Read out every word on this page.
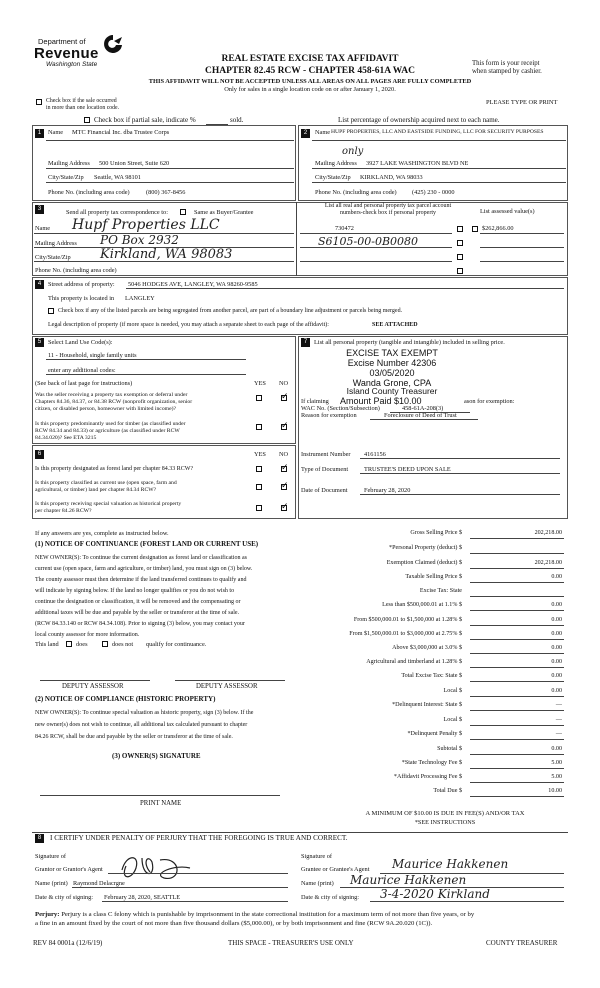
Department of
Revenue
Washington State
REAL ESTATE EXCISE TAX AFFIDAVIT
CHAPTER 82.45 RCW - CHAPTER 458-61A WAC
THIS AFFIDAVIT WILL NOT BE ACCEPTED UNLESS ALL AREAS ON ALL PAGES ARE FULLY COMPLETED
Only for sales in a single location code on or after January 1, 2020.
This form is your receipt
when stamped by cashier.
PLEASE TYPE OR PRINT
Check box if the sale occurred
in more than one location code.
Check box if partial sale, indicate %	sold.	List percentage of ownership acquired next to each name.
1	Name MTC Financial Inc. dba Trustee Corps
Mailing Address 500 Union Street, Suite 620
City/State/Zip Seattle, WA 98101
Phone No. (including area code)	(800) 367-8456
2	Name HUPF PROPERTIES, LLC AND EASTSIDE FUNDING, LLC FOR SECURITY PURPOSES
only
Mailing Address 3927 LAKE WASHINGTON BLVD NE
City/State/Zip KIRKLAND, WA 98033
Phone No. (including area code) (425) 230 - 0000
3	Send all property tax correspondence to:	Same as Buyer/Grantee
List all real and personal property tax parcel account
numbers-check box if personal property	List assessed value(s)
Name Hupf Properties LLC
Mailing Address PO Box 2932
City/State/Zip Kirkland, WA 98083
Phone No. (including area code)
730472	$262,866.00
S6105-00-0B0080
4	Street address of property: 5046 HODGES AVE, LANGLEY, WA 98260-9585
This property is located in LANGLEY
Check box if any of the listed parcels are being segregated from another parcel, are part of a boundary line adjustment or parcels being merged.
Legal description of property (if more space is needed, you may attach a separate sheet to each page of the affidavit):	SEE ATTACHED
5	Select Land Use Code(s):
11 - Household, single family units
enter any additional codes:
(See back of last page for instructions)	YES NO
Was the seller receiving a property tax exemption or deferral under
Chapters 84.36, 84.37, or 84.38 RCW (nonprofit organization, senior
citizen, or disabled person, homeowner with limited income)?
✓
Is this property predominantly used for timber (as classified under
RCW 84.34 and 84.33) or agriculture (as classified under RCW
84.34.020)? See ETA 3215
✓
6	YES NO
Is this property designated as forest land per chapter 84.33 RCW?
✓
Is this property classified as current use (open space, farm and
agricultural, or timber) land per chapter 84.34 RCW?
✓
Is this property receiving special valuation as historical property
per chapter 84.26 RCW?
✓
7	List all personal property (tangible and intangible) included in selling price.
EXCISE TAX EXEMPT
Excise Number 42306
03/05/2020
Wanda Grone, CPA
Island County Treasurer
Amount Paid $10.00
If claiming	ason for exemption:
WAC No. (Section/Subsection)	458-61A-208(3)
Reason for exemption	Foreclosure of Deed of Trust
Instrument Number 4161156
Type of Document	TRUSTEE'S DEED UPON SALE
Date of Document	February 28, 2020
If any answers are yes, complete as instructed below.
(1) NOTICE OF CONTINUANCE (FOREST LAND OR CURRENT USE)
NEW OWNER(S): To continue the current designation as forest land or classification as
current use (open space, farm and agriculture, or timber) land, you must sign on (3) below.
The county assessor must then determine if the land transferred continues to qualify and
will indicate by signing below. If the land no longer qualifies or you do not wish to
continue the designation or classification, it will be removed and the compensating or
additional taxes will be due and payable by the seller or transferor at the time of sale.
(RCW 84.33.140 or RCW 84.34.108). Prior to signing (3) below, you may contact your
local county assessor for more information.
This land	does	does not qualify for continuance.
DEPUTY ASSESSOR	DEPUTY ASSESSOR
(2) NOTICE OF COMPLIANCE (HISTORIC PROPERTY)
NEW OWNER(S): To continue special valuation as historic property, sign (3) below. If the
new owner(s) does not wish to continue, all additional tax calculated pursuant to chapter
84.26 RCW, shall be due and payable by the seller or transferor at the time of sale.
(3) OWNER(S) SIGNATURE
PRINT NAME
Gross Selling Price $	202,218.00
*Personal Property (deduct) $
Exemption Claimed (deduct) $	202,218.00
Taxable Selling Price $	0.00
Excise Tax: State
Less than $500,000.01 at 1.1% $	0.00
From $500,000.01 to $1,500,000 at 1.28% $	0.00
From $1,500,000.01 to $3,000,000 at 2.75% $	0.00
Above $3,000,000 at 3.0% $	0.00
Agricultural and timberland at 1.28% $	0.00
Total Excise Tax: State $	0.00
Local $	0.00
*Delinquent Interest: State $	—
Local $	—
*Delinquent Penalty $	—
Subtotal $	0.00
*State Technology Fee $	5.00
*Affidavit Processing Fee $	5.00
Total Due $	10.00
A MINIMUM OF $10.00 IS DUE IN FEE(S) AND/OR TAX
*SEE INSTRUCTIONS
8	I CERTIFY UNDER PENALTY OF PERJURY THAT THE FOREGOING IS TRUE AND CORRECT.
Signature of
Grantor or Grantor's Agent
Name (print) Raymond Delacrgne
Date & city of signing: February 28, 2020, SEATTLE
Signature of
Grantee or Grantee's Agent Maurice Hakkenen
Name (print) Maurice Hakkenen
Date & city of signing: 3-4-2020 Kirkland
Perjury: Perjury is a class C felony which is punishable by imprisonment in the state correctional institution for a maximum term of not more than five years, or by
a fine in an amount fixed by the court of not more than five thousand dollars ($5,000.00), or by both imprisonment and fine (RCW 9A.20.020 (1C)).
REV 84 0001a (12/6/19)	THIS SPACE - TREASURER'S USE ONLY	COUNTY TREASURER
